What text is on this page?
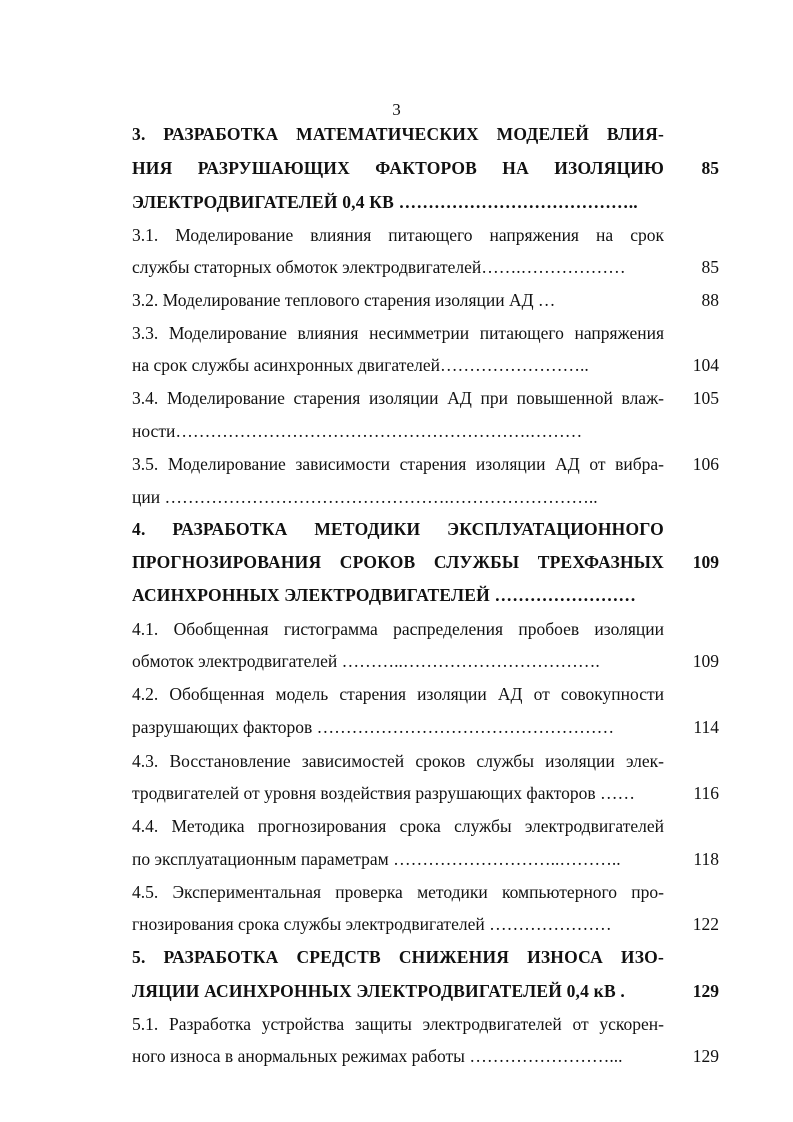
3
3. РАЗРАБОТКА МАТЕМАТИЧЕСКИХ МОДЕЛЕЙ ВЛИЯ-
НИЯ РАЗРУШАЮЩИХ ФАКТОРОВ НА ИЗОЛЯЦИЮ	85
ЭЛЕКТРОДВИГАТЕЛЕЙ 0,4 КВ …………………………………..
3.1. Моделирование влияния питающего напряжения на срок
службы статорных обмоток электродвигателей…….………………	85
3.2. Моделирование теплового старения изоляции АД …	88
3.3. Моделирование влияния несимметрии питающего напряжения
на срок службы асинхронных двигателей……………………..	104
3.4. Моделирование старения изоляции АД при повышенной влаж-	105
ности…………………………………………………….………
3.5. Моделирование зависимости старения изоляции АД от вибра-	106
ции ………………………………………….……………………..
4. РАЗРАБОТКА МЕТОДИКИ ЭКСПЛУАТАЦИОННОГО
ПРОГНОЗИРОВАНИЯ СРОКОВ СЛУЖБЫ ТРЕХФАЗНЫХ	109
АСИНХРОННЫХ ЭЛЕКТРОДВИГАТЕЛЕЙ ……………………
4.1. Обобщенная гистограмма распределения пробоев изоляции
обмоток электродвигателей ………..…………………………….	109
4.2. Обобщенная модель старения изоляции АД от совокупности
разрушающих факторов ……………………………………………	114
4.3. Восстановление зависимостей сроков службы изоляции элек-
тродвигателей от уровня воздействия разрушающих факторов ……	116
4.4. Методика прогнозирования срока службы электродвигателей
по эксплуатационным параметрам ………………………..………..	118
4.5. Экспериментальная проверка методики компьютерного про-
гнозирования срока службы электродвигателей …………………	122
5. РАЗРАБОТКА СРЕДСТВ СНИЖЕНИЯ ИЗНОСА ИЗО-
ЛЯЦИИ АСИНХРОННЫХ ЭЛЕКТРОДВИГАТЕЛЕЙ 0,4 кВ .	129
5.1. Разработка устройства защиты электродвигателей от ускорен-
ного износа в анормальных режимах работы ……………………...	129
